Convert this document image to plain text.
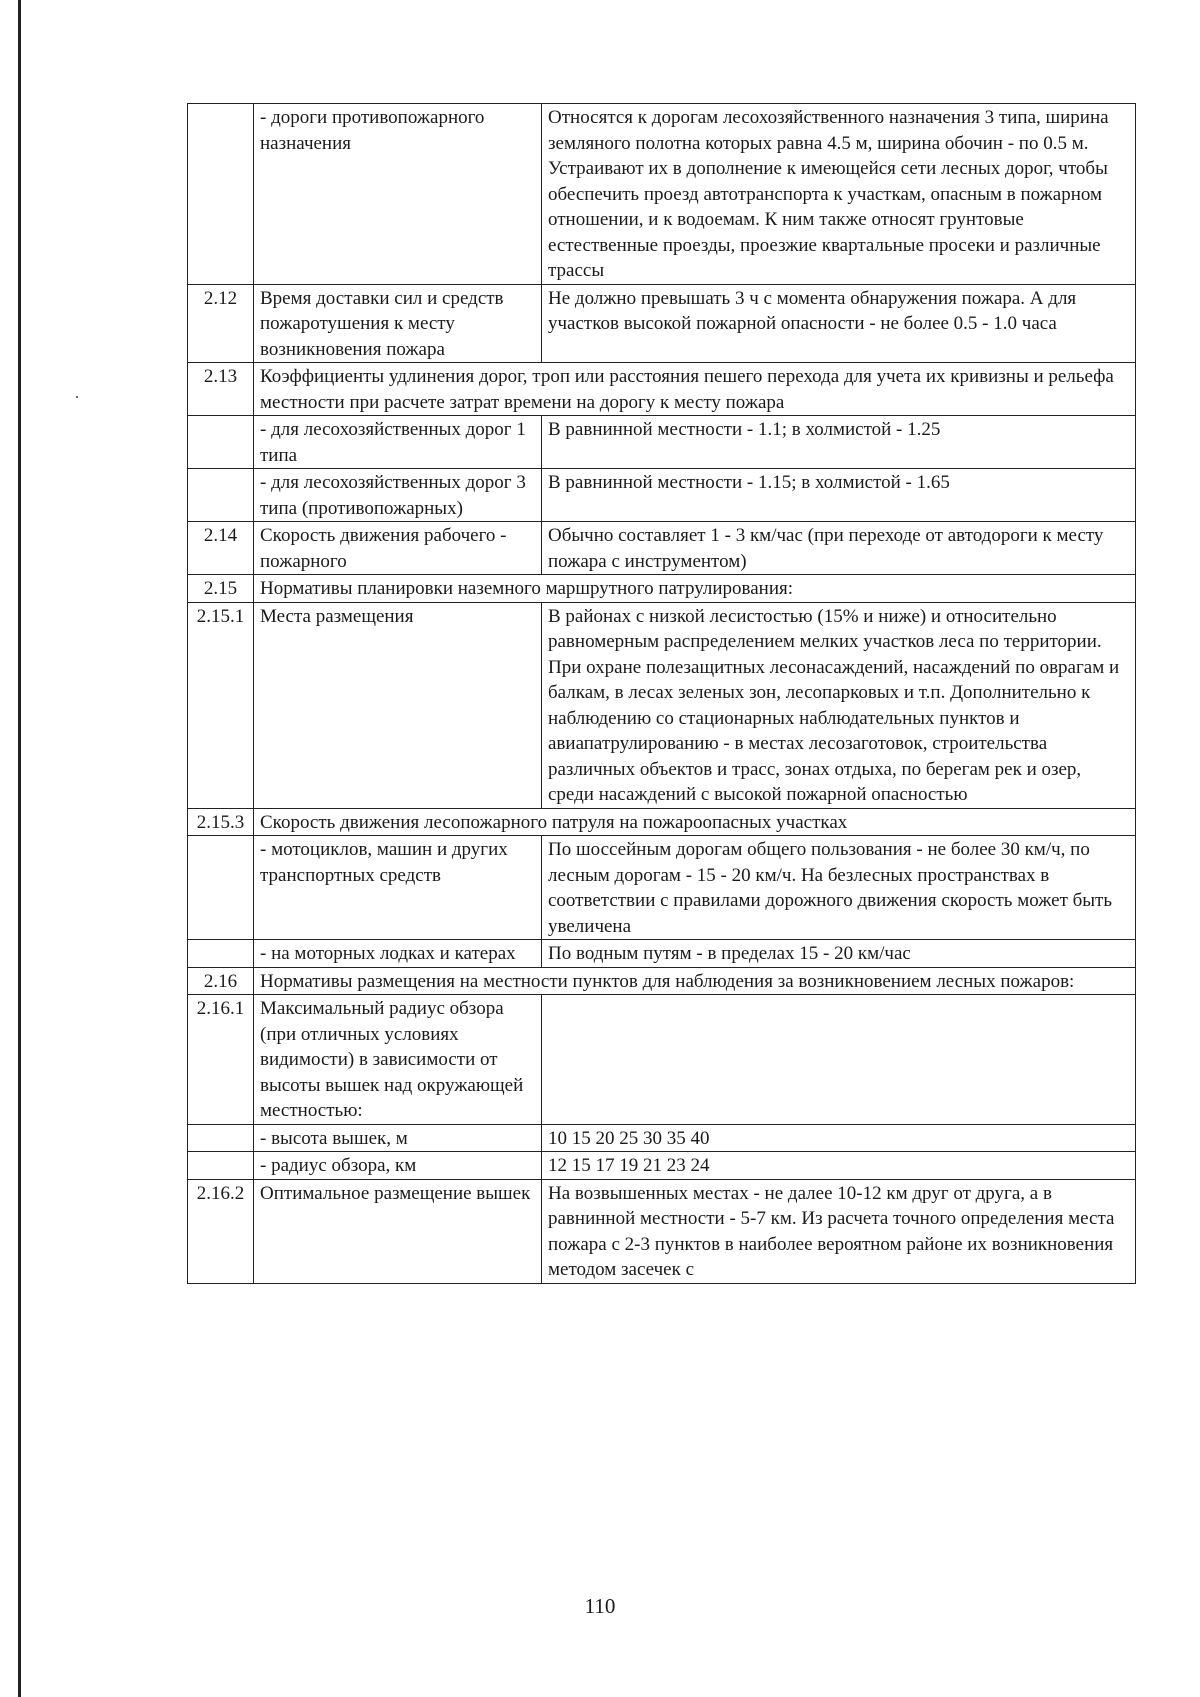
	- дороги противопожарного назначения	Относятся к дорогам лесохозяйственного назначения 3 типа, ширина земляного полотна которых равна 4.5 м, ширина обочин - по 0.5 м. Устраивают их в дополнение к имеющейся сети лесных дорог, чтобы обеспечить проезд автотранспорта к участкам, опасным в пожарном отношении, и к водоемам. К ним также относят грунтовые естественные проезды, проезжие квартальные просеки и различные трассы
2.12	Время доставки сил и средств пожаротушения к месту возникновения пожара	Не должно превышать 3 ч с момента обнаружения пожара. А для участков высокой пожарной опасности - не более 0.5 - 1.0 часа
2.13	Коэффициенты удлинения дорог, троп или расстояния пешего перехода для учета их кривизны и рельефа местности при расчете затрат времени на дорогу к месту пожара	
	- для лесохозяйственных дорог 1 типа	В равнинной местности - 1.1; в холмистой - 1.25
	- для лесохозяйственных дорог 3 типа (противопожарных)	В равнинной местности - 1.15; в холмистой - 1.65
2.14	Скорость движения рабочего - пожарного	Обычно составляет 1 - 3 км/час (при переходе от автодороги к месту пожара с инструментом)
2.15	Нормативы планировки наземного маршрутного патрулирования:	
2.15.1	Места размещения	В районах с низкой лесистостью (15% и ниже) и относительно равномерным распределением мелких участков леса по территории. При охране полезащитных лесонасаждений, насаждений по оврагам и балкам, в лесах зеленых зон, лесопарковых и т.п. Дополнительно к наблюдению со стационарных наблюдательных пунктов и авиапатрулированию - в местах лесозаготовок, строительства различных объектов и трасс, зонах отдыха, по берегам рек и озер, среди насаждений с высокой пожарной опасностью
2.15.3	Скорость движения лесопожарного патруля на пожароопасных участках	
	- мотоциклов, машин и других транспортных средств	По шоссейным дорогам общего пользования - не более 30 км/ч, по лесным дорогам - 15 - 20 км/ч. На безлесных пространствах в соответствии с правилами дорожного движения скорость может быть увеличена
	- на моторных лодках и катерах	По водным путям - в пределах 15 - 20 км/час
2.16	Нормативы размещения на местности пунктов для наблюдения за возникновением лесных пожаров:	
2.16.1	Максимальный радиус обзора (при отличных условиях видимости) в зависимости от высоты вышек над окружающей местностью:	
	- высота вышек, м	10 15 20 25 30 35 40
	- радиус обзора, км	12 15 17 19 21 23 24
2.16.2	Оптимальное размещение вышек	На возвышенных местах - не далее 10-12 км друг от друга, а в равнинной местности - 5-7 км. Из расчета точного определения места пожара с 2-3 пунктов в наиболее вероятном районе их возникновения методом засечек с
110
